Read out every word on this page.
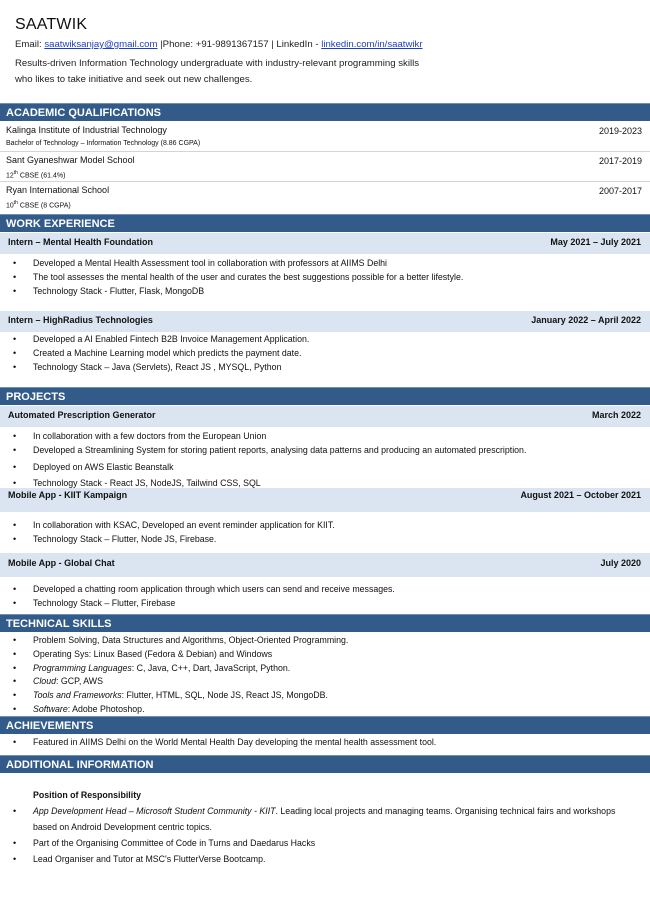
SAATWIK
Email: saatwiksanjay@gmail.com |Phone: +91-9891367157 | LinkedIn - linkedin.com/in/saatwikr
Results-driven Information Technology undergraduate with industry-relevant programming skills
who likes to take initiative and seek out new challenges.
ACADEMIC QUALIFICATIONS
Kalinga Institute of Industrial Technology
Bachelor of Technology – Information Technology (8.86 CGPA)
2019-2023
Sant Gyaneshwar Model School
12th CBSE (61.4%)
2017-2019
Ryan International School
10th CBSE (8 CGPA)
2007-2017
WORK EXPERIENCE
Intern – Mental Health Foundation	May 2021 – July 2021
• Developed a Mental Health Assessment tool in collaboration with professors at AIIMS Delhi
• The tool assesses the mental health of the user and curates the best suggestions possible for a better lifestyle.
• Technology Stack - Flutter, Flask, MongoDB
Intern – HighRadius Technologies	January 2022 – April 2022
• Developed a AI Enabled Fintech B2B Invoice Management Application.
• Created a Machine Learning model which predicts the payment date.
• Technology Stack – Java (Servlets), React JS , MYSQL, Python
PROJECTS
Automated Prescription Generator	March 2022
• In collaboration with a few doctors from the European Union
• Developed a Streamlining System for storing patient reports, analysing data patterns and producing an automated prescription.
• Deployed on AWS Elastic Beanstalk
• Technology Stack - React JS, NodeJS, Tailwind CSS, SQL
Mobile App - KIIT Kampaign	August 2021 – October 2021
• In collaboration with KSAC, Developed an event reminder application for KIIT.
• Technology Stack – Flutter, Node JS, Firebase.
Mobile App - Global Chat	July 2020
• Developed a chatting room application through which users can send and receive messages.
• Technology Stack – Flutter, Firebase
TECHNICAL SKILLS
• Problem Solving, Data Structures and Algorithms, Object-Oriented Programming.
• Operating Sys: Linux Based (Fedora & Debian) and Windows
• Programming Languages: C, Java, C++, Dart, JavaScript, Python.
• Cloud: GCP, AWS
• Tools and Frameworks: Flutter, HTML, SQL, Node JS, React JS, MongoDB.
• Software: Adobe Photoshop.
ACHIEVEMENTS
• Featured in AIIMS Delhi on the World Mental Health Day developing the mental health assessment tool.
ADDITIONAL INFORMATION
Position of Responsibility
• App Development Head – Microsoft Student Community - KIIT. Leading local projects and managing teams. Organising technical fairs and workshops based on Android Development centric topics.
• Part of the Organising Committee of Code in Turns and Daedarus Hacks
• Lead Organiser and Tutor at MSC's FlutterVerse Bootcamp.
